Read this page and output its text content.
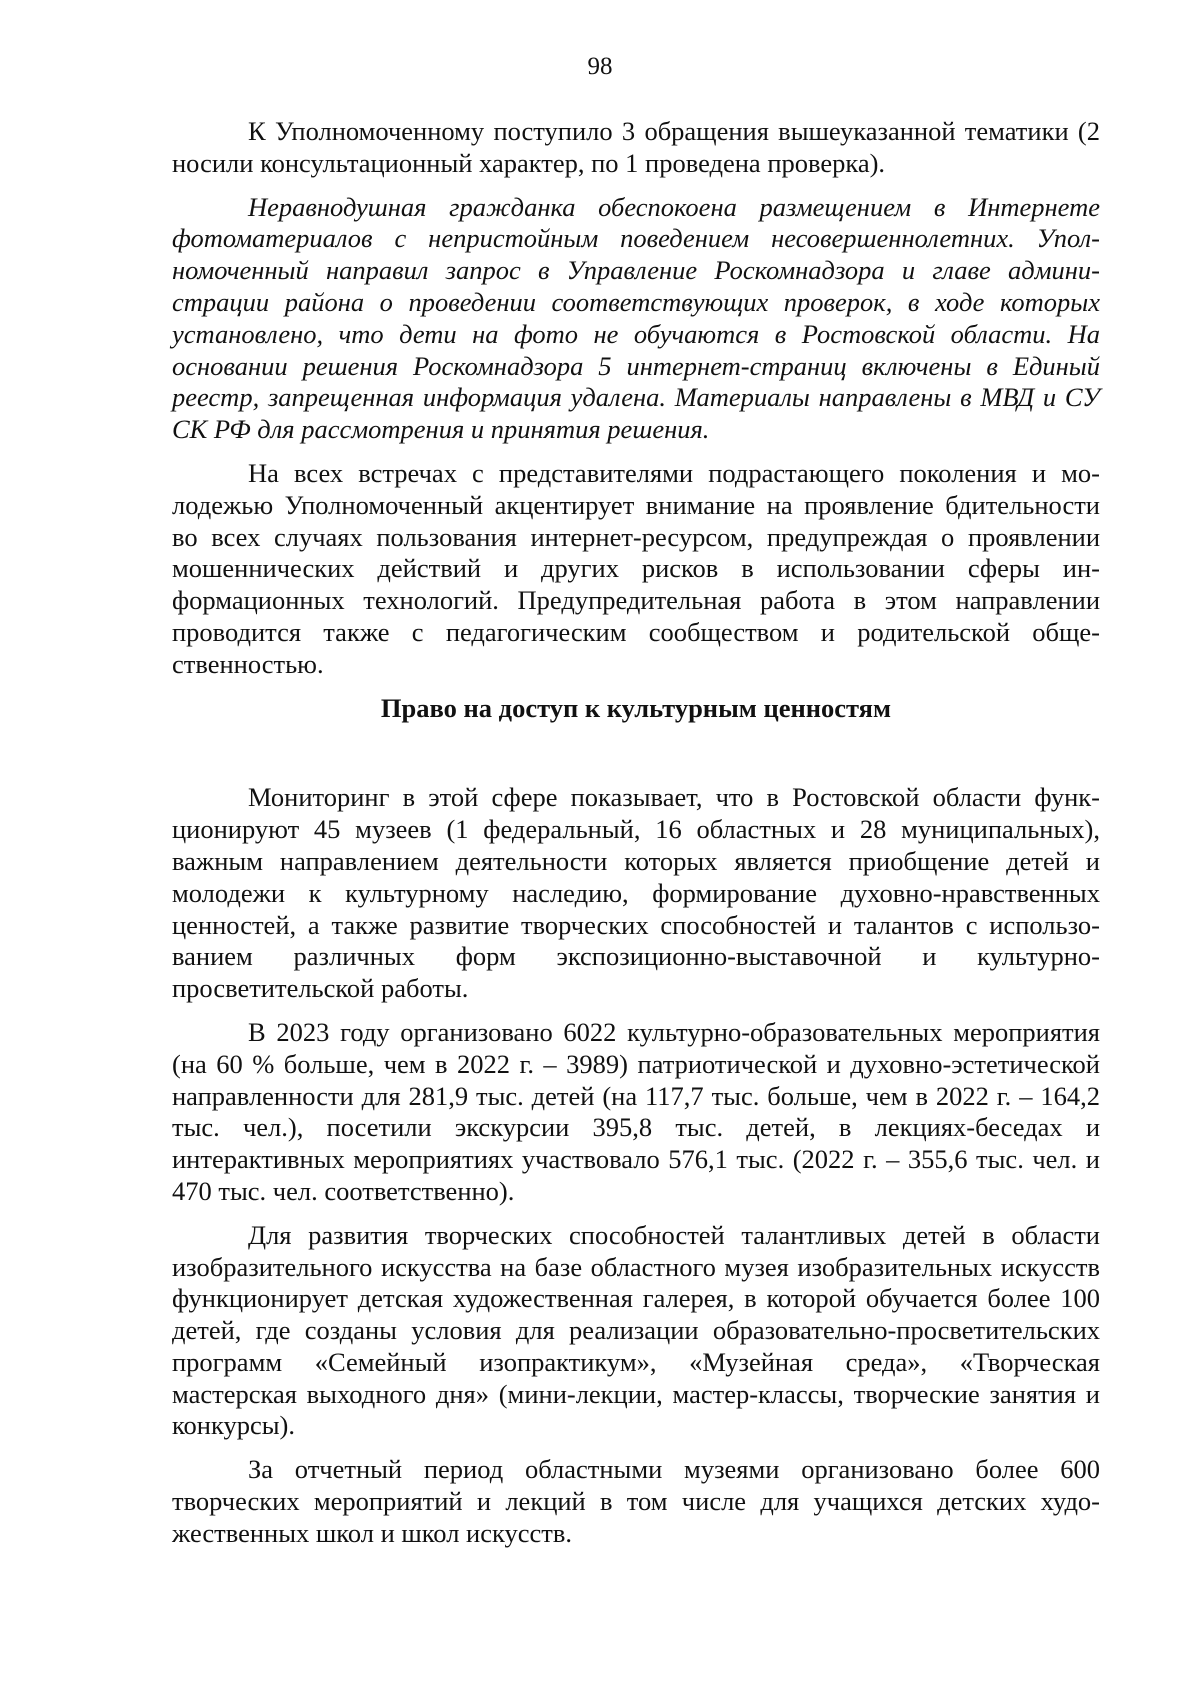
98

К Уполномоченному поступило 3 обращения вышеуказанной тематики (2 носили консультационный характер, по 1 проведена проверка).

Неравнодушная гражданка обеспокоена размещением в Интернете фотоматериалов с непристойным поведением несовершеннолетних. Уполномоченный направил запрос в Управление Роскомнадзора и главе администрации района о проведении соответствующих проверок, в ходе которых установлено, что дети на фото не обучаются в Ростовской области. На основании решения Роскомнадзора 5 интернет-страниц включены в Единый реестр, запрещенная информация удалена. Материалы направлены в МВД и СУ СК РФ для рассмотрения и принятия решения.

На всех встречах с представителями подрастающего поколения и молодежью Уполномоченный акцентирует внимание на проявление бдительности во всех случаях пользования интернет-ресурсом, предупреждая о проявлении мошеннических действий и других рисков в использовании сферы информационных технологий. Предупредительная работа в этом направлении проводится также с педагогическим сообществом и родительской общественностью.

Право на доступ к культурным ценностям

Мониторинг в этой сфере показывает, что в Ростовской области функционируют 45 музеев (1 федеральный, 16 областных и 28 муниципальных), важным направлением деятельности которых является приобщение детей и молодежи к культурному наследию, формирование духовно-нравственных ценностей, а также развитие творческих способностей и талантов с использованием различных форм экспозиционно-выставочной и культурно-просветительской работы.

В 2023 году организовано 6022 культурно-образовательных мероприятия (на 60 % больше, чем в 2022 г. – 3989) патриотической и духовно-эстетической направленности для 281,9 тыс. детей (на 117,7 тыс. больше, чем в 2022 г. – 164,2 тыс. чел.), посетили экскурсии 395,8 тыс. детей, в лекциях-беседах и интерактивных мероприятиях участвовало 576,1 тыс. (2022 г. – 355,6 тыс. чел. и 470 тыс. чел. соответственно).

Для развития творческих способностей талантливых детей в области изобразительного искусства на базе областного музея изобразительных искусств функционирует детская художественная галерея, в которой обучается более 100 детей, где созданы условия для реализации образовательно-просветительских программ «Семейный изопрактикум», «Музейная среда», «Творческая мастерская выходного дня» (мини-лекции, мастер-классы, творческие занятия и конкурсы).

За отчетный период областными музеями организовано более 600 творческих мероприятий и лекций в том числе для учащихся детских художественных школ и школ искусств.
